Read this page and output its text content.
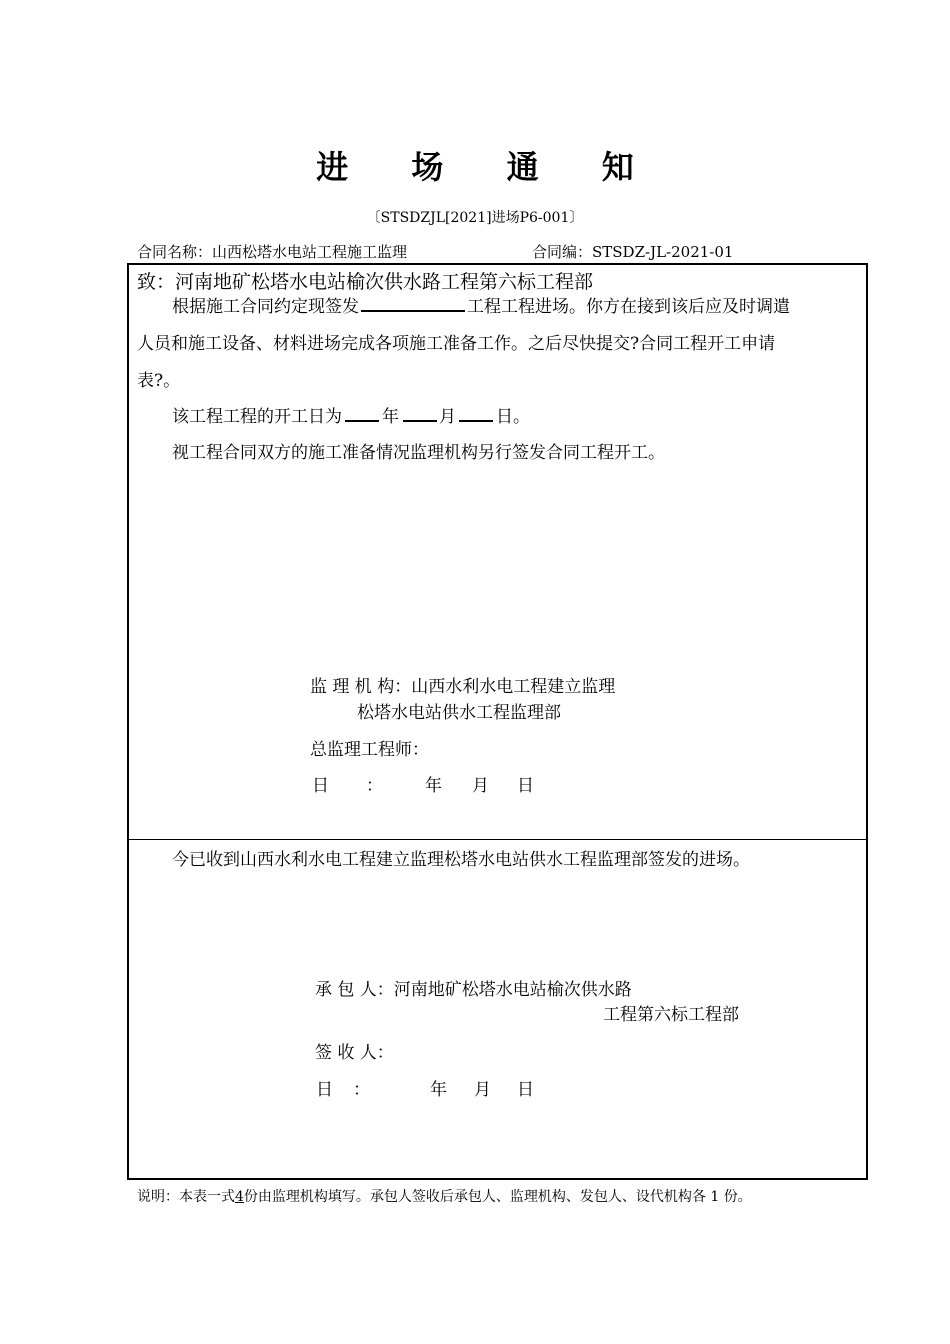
进 场 通 知
〔STSDZJL[2021]进场P6-001〕
合同名称：山西松塔水电站工程施工监理	合同编：STSDZ-JL-2021-01
致：河南地矿松塔水电站榆次供水路工程第六标工程部
根据施工合同约定现签发	工程工程进场。你方在接到该后应及时调遣
人员和施工设备、材料进场完成各项施工准备工作。之后尽快提交?合同工程开工申请
表?。
该工程工程的开工日为 年 月 日。
视工程合同双方的施工准备情况监理机构另行签发合同工程开工。
监 理 机 构：山西水利水电工程建立监理
松塔水电站供水工程监理部
总监理工程师：
日 ： 年 月 日
今已收到山西水利水电工程建立监理松塔水电站供水工程监理部签发的进场。
承 包 人：河南地矿松塔水电站榆次供水路
工程第六标工程部
签 收 人：
日 ：	年 月 日
说明：本表一式4份由监理机构填写。承包人签收后承包人、监理机构、发包人、设代机构各 1 份。
